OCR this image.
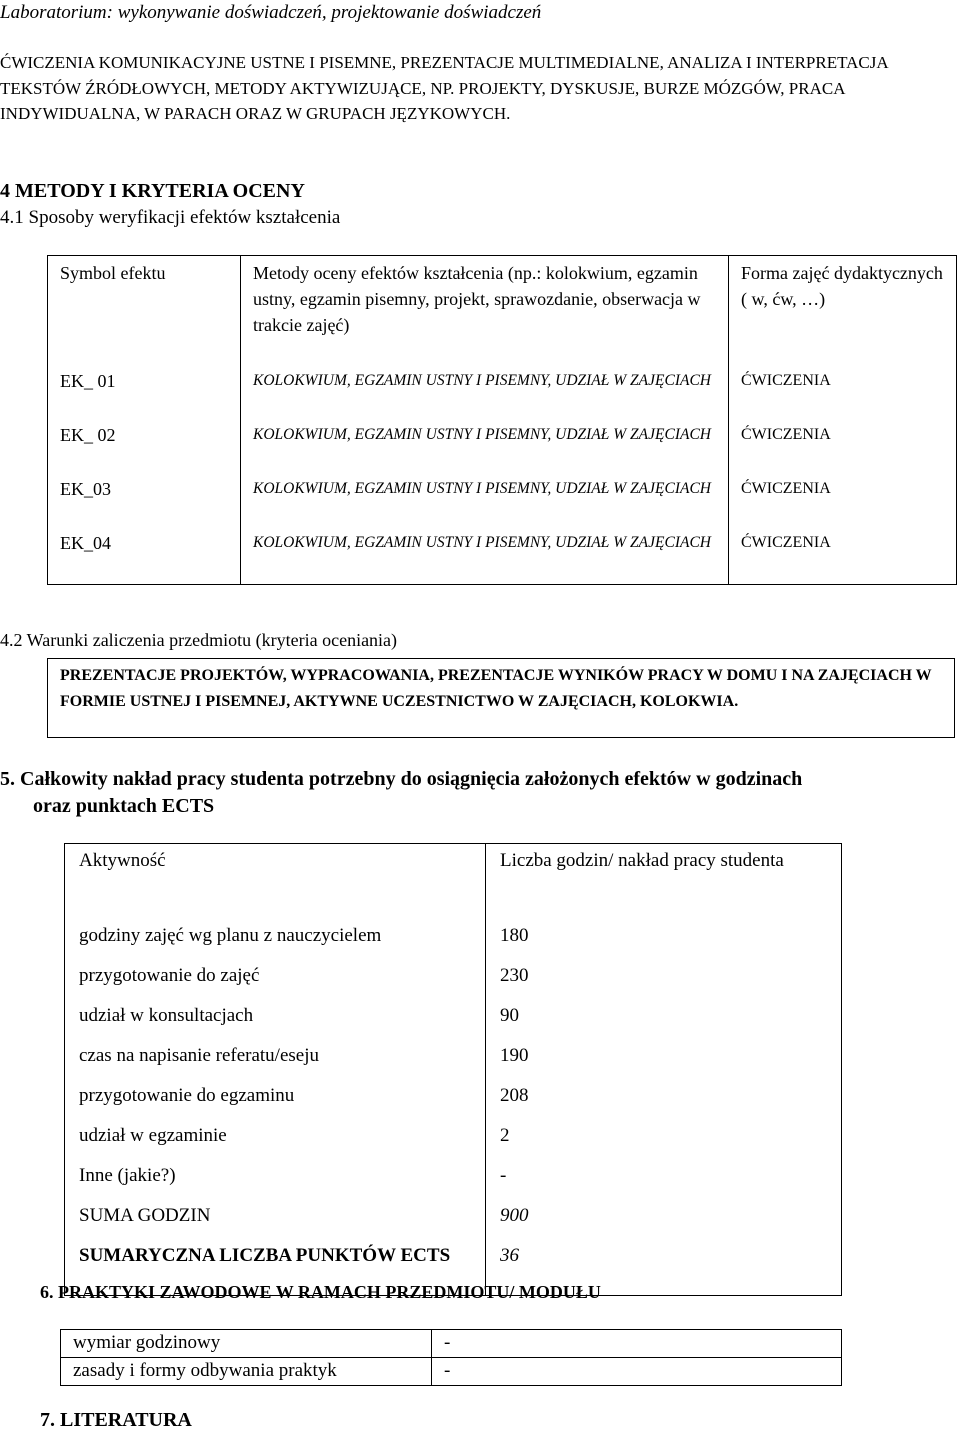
Laboratorium: wykonywanie doświadczeń, projektowanie doświadczeń
ĆWICZENIA KOMUNIKACYJNE USTNE I PISEMNE, PREZENTACJE MULTIMEDIALNE, ANALIZA I INTERPRETACJA TEKSTÓW ŹRÓDŁOWYCH, METODY AKTYWIZUJĄCE, NP. PROJEKTY, DYSKUSJE, BURZE MÓZGÓW, PRACA INDYWIDUALNA, W PARACH ORAZ W GRUPACH JĘZYKOWYCH.
4 METODY I KRYTERIA OCENY
4.1 Sposoby weryfikacji efektów kształcenia
Symbol efektu	Metody oceny efektów kształcenia (np.: kolokwium, egzamin ustny, egzamin pisemny, projekt, sprawozdanie, obserwacja w trakcie zajęć)	Forma zajęć dydaktycznych ( w, ćw, …)
EK_ 01	KOLOKWIUM, EGZAMIN USTNY I PISEMNY, UDZIAŁ W ZAJĘCIACH	ĆWICZENIA
EK_ 02	KOLOKWIUM, EGZAMIN USTNY I PISEMNY, UDZIAŁ W ZAJĘCIACH	ĆWICZENIA
EK_03	KOLOKWIUM, EGZAMIN USTNY I PISEMNY, UDZIAŁ W ZAJĘCIACH	ĆWICZENIA
EK_04	KOLOKWIUM, EGZAMIN USTNY I PISEMNY, UDZIAŁ W ZAJĘCIACH	ĆWICZENIA
4.2 Warunki zaliczenia przedmiotu (kryteria oceniania)
PREZENTACJE PROJEKTÓW, WYPRACOWANIA, PREZENTACJE WYNIKÓW PRACY W DOMU I NA ZAJĘCIACH W FORMIE USTNEJ I PISEMNEJ, AKTYWNE UCZESTNICTWO W ZAJĘCIACH, KOLOKWIA.
5. Całkowity nakład pracy studenta potrzebny do osiągnięcia założonych efektów w godzinach
oraz punktach ECTS
Aktywność	Liczba godzin/ nakład pracy studenta
godziny zajęć wg planu z nauczycielem	180
przygotowanie do zajęć	230
udział w konsultacjach	90
czas na napisanie referatu/eseju	190
przygotowanie do egzaminu	208
udział w egzaminie	2
Inne (jakie?)	-
SUMA GODZIN	900
SUMARYCZNA LICZBA PUNKTÓW ECTS	36
6. PRAKTYKI ZAWODOWE W RAMACH PRZEDMIOTU/ MODUŁU
wymiar godzinowy	-
zasady i formy odbywania praktyk	-
7. LITERATURA
